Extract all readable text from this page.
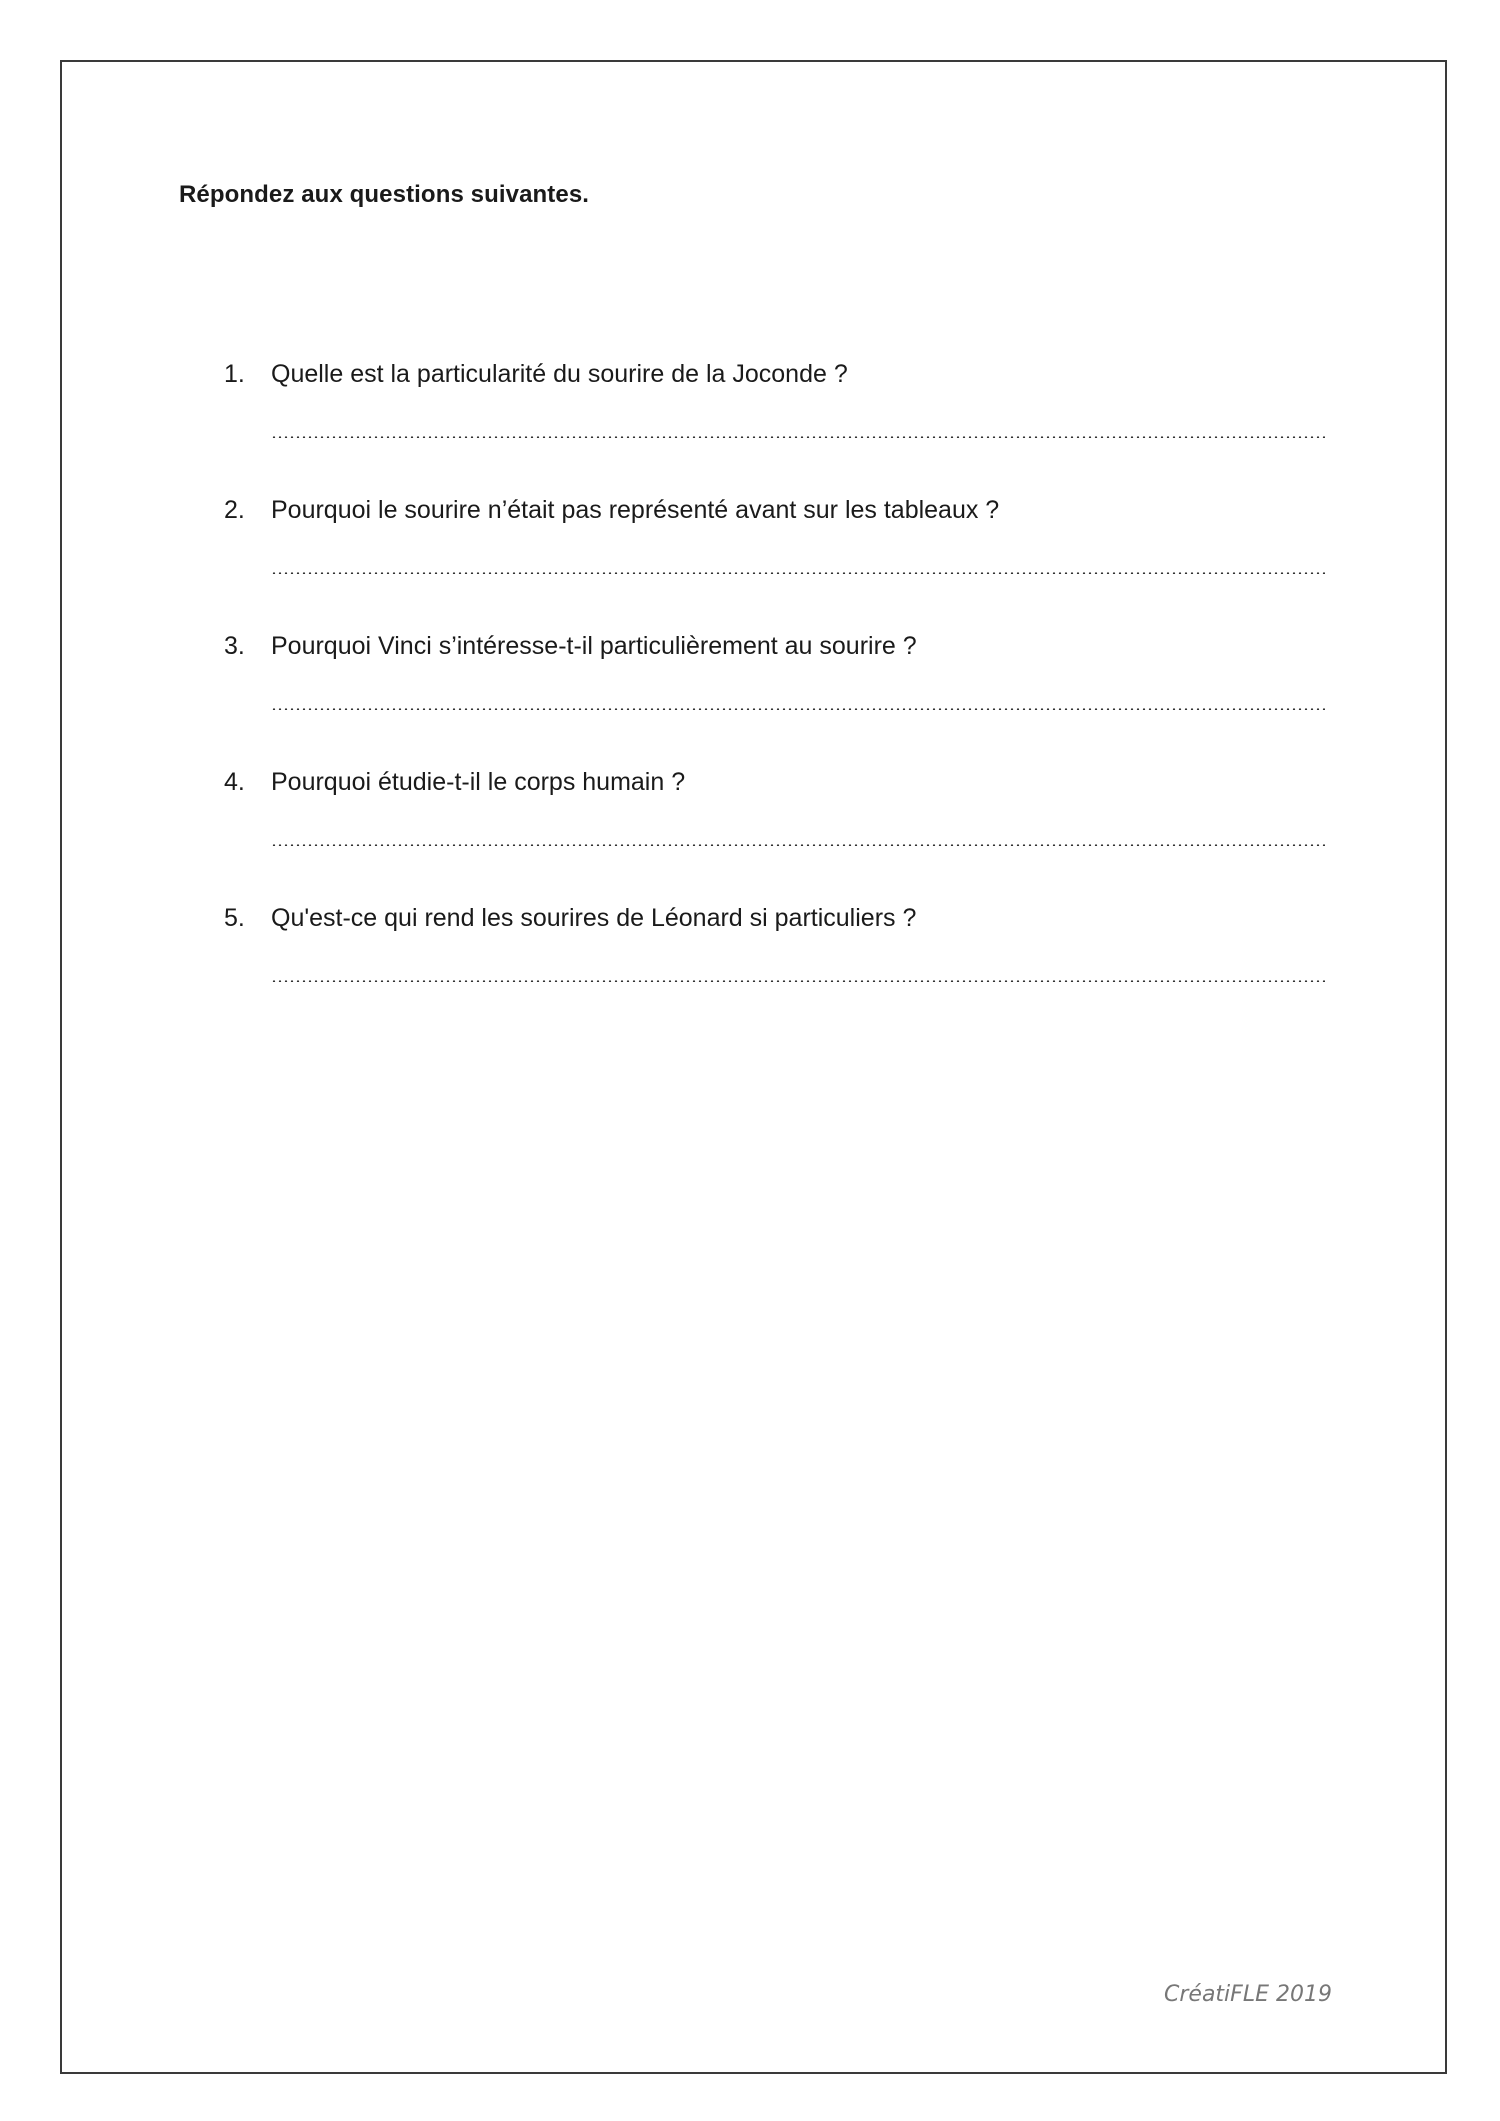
Répondez aux questions suivantes.
1.	Quelle est la particularité du sourire de la Joconde ?
2.	Pourquoi le sourire n’était pas représenté avant sur les tableaux ?
3.	Pourquoi Vinci s’intéresse-t-il particulièrement au sourire ?
4.	Pourquoi étudie-t-il le corps humain ?
5.	Qu'est-ce qui rend les sourires de Léonard si particuliers ?
CréatiFLE 2019
